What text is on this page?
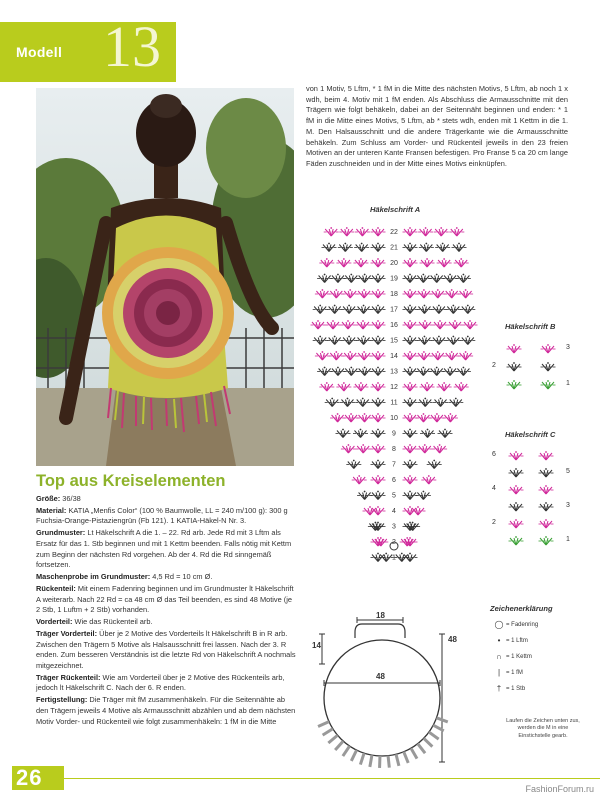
Modell 13
Top aus Kreiselementen

Größe: 36/38

Material: KATIA „Menfis Color“ (100 % Baumwolle, LL = 240 m/100 g): 300 g Fuchsia-Orange-Pistaziengrün (Fb 121). 1 KATIA-Häkel-N Nr. 3.

Grundmuster: Lt Häkelschrift A die 1. – 22. Rd arb. Jede Rd mit 3 Lftm als Ersatz für das 1. Stb beginnen und mit 1 Kettm beenden. Falls nötig mit Kettm zum Beginn der nächsten Rd vorgehen. Ab der 4. Rd die Rd sinngemäß fortsetzen.

Maschenprobe im Grundmuster: 4,5 Rd = 10 cm Ø.

Rückenteil: Mit einem Fadenring beginnen und im Grundmuster lt Häkelschrift A weiterarb. Nach 22 Rd = ca 48 cm Ø das Teil beenden, es sind 48 Motive (je 2 Stb, 1 Luftm + 2 Stb) vorhanden.

Vorderteil: Wie das Rückenteil arb.

Träger Vorderteil: Über je 2 Motive des Vorderteils lt Häkelschrift B in R arb. Zwischen den Trägern 5 Motive als Halsausschnitt frei lassen. Nach der 3. R enden. Zum besseren Verständnis ist die letzte Rd von Häkelschrift A nochmals mitgezeichnet.

Träger Rückenteil: Wie am Vorderteil über je 2 Motive des Rückenteils arb, jedoch lt Häkelschrift C. Nach der 6. R enden.

Fertigstellung: Die Träger mit fM zusammenhäkeln. Für die Seitennähte ab den Trägern jeweils 4 Motive als Armausschnitt abzählen und ab dem nächsten Motiv Vorder- und Rückenteil wie folgt zusammenhäkeln: 1 fM in die Mitte

von 1 Motiv, 5 Lftm, * 1 fM in die Mitte des nächsten Motivs, 5 Lftm, ab noch 1 x wdh, beim 4. Motiv mit 1 fM enden. Als Abschluss die Armausschnitte mit den Trägern wie folgt behäkeln, dabei an der Seitennäht beginnen und enden: * 1 fM in die Mitte eines Motivs, 5 Lftm, ab * stets wdh, enden mit 1 Kettm in die 1. M. Den Halsausschnitt und die andere Trägerkante wie die Armausschnitte behäkeln. Zum Schluss am Vorder- und Rückenteil jeweils in den 23 freien Motiven an der unteren Kante Fransen befestigen. Pro Franse 5 ca 20 cm lange Fäden zuschneiden und in der Mitte eines Motivs einknüpfen.
Häkelschrift A
22
21
20
19
18
17
16
15
14
13
12
11
10
9
8
7
6
5
4
3
2
1
Häkelschrift B
3
2
1
Häkelschrift C
6
5
4
3
2
1
18
14
48
48
Zeichenerklärung
◯ = Fadenring
• = 1 Lftm
∩ = 1 Kettm
| = 1 fM
† = 1 Stb
Laufen die Zeichen unten zus, werden die M in eine Einstichstelle gearb.
26	FashionForum.ru
